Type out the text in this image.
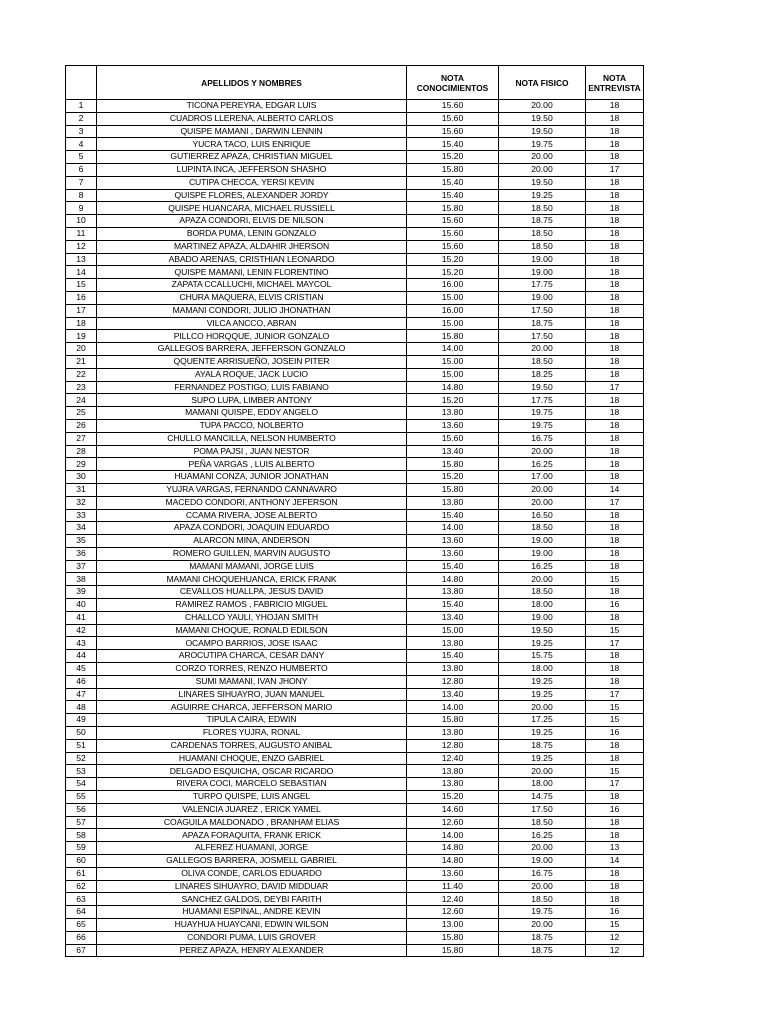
	APELLIDOS Y NOMBRES	NOTA CONOCIMIENTOS	NOTA FISICO	NOTA ENTREVISTA
1	TICONA PEREYRA, EDGAR LUIS	15.60	20.00	18
2	CUADROS LLERENA, ALBERTO CARLOS	15.60	19.50	18
3	QUISPE MAMANI , DARWIN LENNIN	15.60	19.50	18
4	YUCRA TACO, LUIS ENRIQUE	15.40	19.75	18
5	GUTIERREZ APAZA, CHRISTIAN MIGUEL	15.20	20.00	18
6	LUPINTA INCA, JEFFERSON SHASHO	15.80	20.00	17
7	CUTIPA CHECCA, YERSI KEVIN	15.40	19.50	18
8	QUISPE FLORES, ALEXANDER JORDY	15.40	19.25	18
9	QUISPE HUANCARA, MICHAEL RUSSIELL	15.80	18.50	18
10	APAZA CONDORI, ELVIS DE NILSON	15.60	18.75	18
11	BORDA PUMA, LENIN GONZALO	15.60	18.50	18
12	MARTINEZ APAZA, ALDAHIR JHERSON	15.60	18.50	18
13	ABADO ARENAS, CRISTHIAN LEONARDO	15.20	19.00	18
14	QUISPE MAMANI, LENIN FLORENTINO	15.20	19.00	18
15	ZAPATA CCALLUCHI, MICHAEL MAYCOL	16.00	17.75	18
16	CHURA MAQUERA, ELVIS CRISTIAN	15.00	19.00	18
17	MAMANI CONDORI, JULIO JHONATHAN	16.00	17.50	18
18	VILCA ANCCO, ABRAN	15.00	18.75	18
19	PILLCO HORQQUE, JUNIOR GONZALO	15.80	17.50	18
20	GALLEGOS BARRERA, JEFFERSON GONZALO	14.00	20.00	18
21	QQUENTE ARRISUEÑO, JOSEIN PITER	15.00	18.50	18
22	AYALA ROQUE, JACK LUCIO	15.00	18.25	18
23	FERNANDEZ POSTIGO, LUIS FABIANO	14.80	19.50	17
24	SUPO LUPA, LIMBER ANTONY	15.20	17.75	18
25	MAMANI QUISPE, EDDY ANGELO	13.80	19.75	18
26	TUPA PACCO, NOLBERTO	13.60	19.75	18
27	CHULLO MANCILLA, NELSON HUMBERTO	15.60	16.75	18
28	POMA PAJSI , JUAN NESTOR	13.40	20.00	18
29	PEÑA VARGAS , LUIS ALBERTO	15.80	16.25	18
30	HUAMANI CONZA, JUNIOR JONATHAN	15.20	17.00	18
31	YUJRA VARGAS, FERNANDO CANNAVARO	15.80	20.00	14
32	MACEDO CONDORI, ANTHONY JEFERSON	13.80	20.00	17
33	CCAMA RIVERA, JOSE ALBERTO	15.40	16.50	18
34	APAZA CONDORI, JOAQUIN EDUARDO	14.00	18.50	18
35	ALARCON MINA, ANDERSON	13.60	19.00	18
36	ROMERO GUILLEN, MARVIN AUGUSTO	13.60	19.00	18
37	MAMANI MAMANI, JORGE LUIS	15.40	16.25	18
38	MAMANI CHOQUEHUANCA, ERICK FRANK	14.80	20.00	15
39	CEVALLOS HUALLPA, JESUS DAVID	13.80	18.50	18
40	RAMIREZ RAMOS , FABRICIO MIGUEL	15.40	18.00	16
41	CHALLCO YAULI, YHOJAN SMITH	13.40	19.00	18
42	MAMANI CHOQUE, RONALD EDILSON	15.00	19.50	15
43	OCAMPO BARRIOS, JOSE ISAAC	13.80	19.25	17
44	AROCUTIPA CHARCA, CESAR DANY	15.40	15.75	18
45	CORZO TORRES, RENZO HUMBERTO	13.80	18.00	18
46	SUMI MAMANI, IVAN JHONY	12.80	19.25	18
47	LINARES SIHUAYRO, JUAN MANUEL	13.40	19.25	17
48	AGUIRRE CHARCA, JEFFERSON MARIO	14.00	20.00	15
49	TIPULA CAIRA, EDWIN	15.80	17.25	15
50	FLORES YUJRA, RONAL	13.80	19.25	16
51	CARDENAS TORRES, AUGUSTO ANIBAL	12.80	18.75	18
52	HUAMANI CHOQUE, ENZO GABRIEL	12.40	19.25	18
53	DELGADO ESQUICHA, OSCAR RICARDO	13.80	20.00	15
54	RIVERA COCI, MARCELO SEBASTIAN	13.80	18.00	17
55	TURPO QUISPE, LUIS ANGEL	15.20	14.75	18
56	VALENCIA JUAREZ , ERICK YAMEL	14.60	17.50	16
57	COAGUILA MALDONADO , BRANHAM ELIAS	12.60	18.50	18
58	APAZA FORAQUITA, FRANK ERICK	14.00	16.25	18
59	ALFEREZ HUAMANI, JORGE	14.80	20.00	13
60	GALLEGOS BARRERA, JOSMELL GABRIEL	14.80	19.00	14
61	OLIVA CONDE, CARLOS EDUARDO	13.60	16.75	18
62	LINARES SIHUAYRO, DAVID MIDDUAR	11.40	20.00	18
63	SANCHEZ GALDOS, DEYBI FARITH	12.40	18.50	18
64	HUAMANI ESPINAL, ANDRE KEVIN	12.60	19.75	16
65	HUAYHUA HUAYCANI, EDWIN WILSON	13.00	20.00	15
66	CONDORI PUMA, LUIS GROVER	15.80	18.75	12
67	PEREZ APAZA, HENRY ALEXANDER	15.80	18.75	12
